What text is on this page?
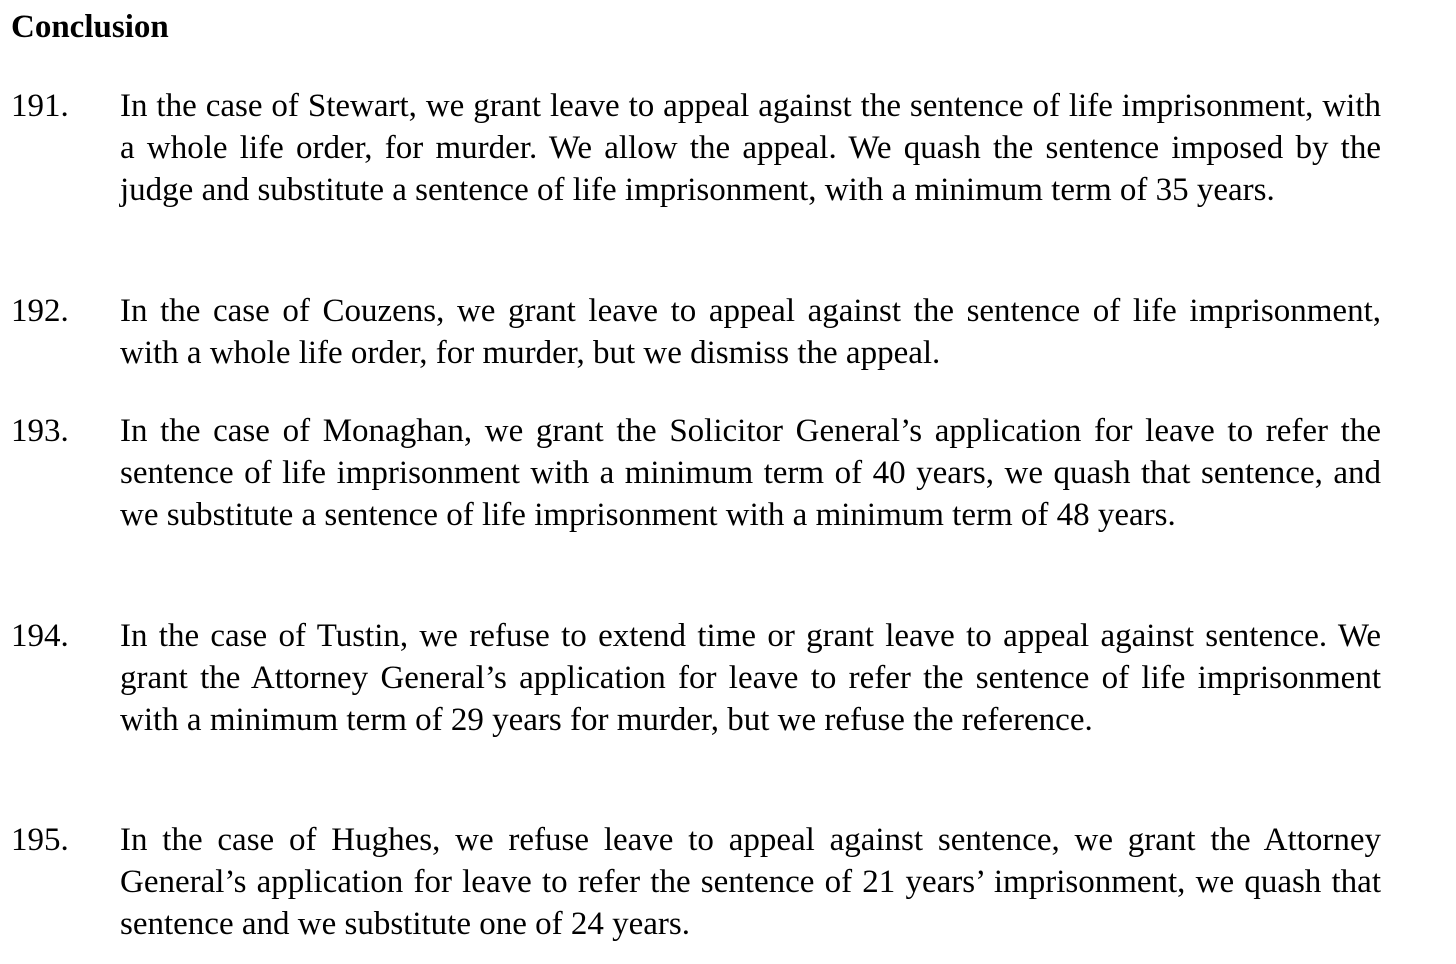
Conclusion
191. In the case of Stewart, we grant leave to appeal against the sentence of life imprisonment, with a whole life order, for murder. We allow the appeal. We quash the sentence imposed by the judge and substitute a sentence of life imprisonment, with a minimum term of 35 years.

192. In the case of Couzens, we grant leave to appeal against the sentence of life imprisonment, with a whole life order, for murder, but we dismiss the appeal.

193. In the case of Monaghan, we grant the Solicitor General’s application for leave to refer the sentence of life imprisonment with a minimum term of 40 years, we quash that sentence, and we substitute a sentence of life imprisonment with a minimum term of 48 years.

194. In the case of Tustin, we refuse to extend time or grant leave to appeal against sentence. We grant the Attorney General’s application for leave to refer the sentence of life imprisonment with a minimum term of 29 years for murder, but we refuse the reference.

195. In the case of Hughes, we refuse leave to appeal against sentence, we grant the Attorney General’s application for leave to refer the sentence of 21 years’ imprisonment, we quash that sentence and we substitute one of 24 years.
